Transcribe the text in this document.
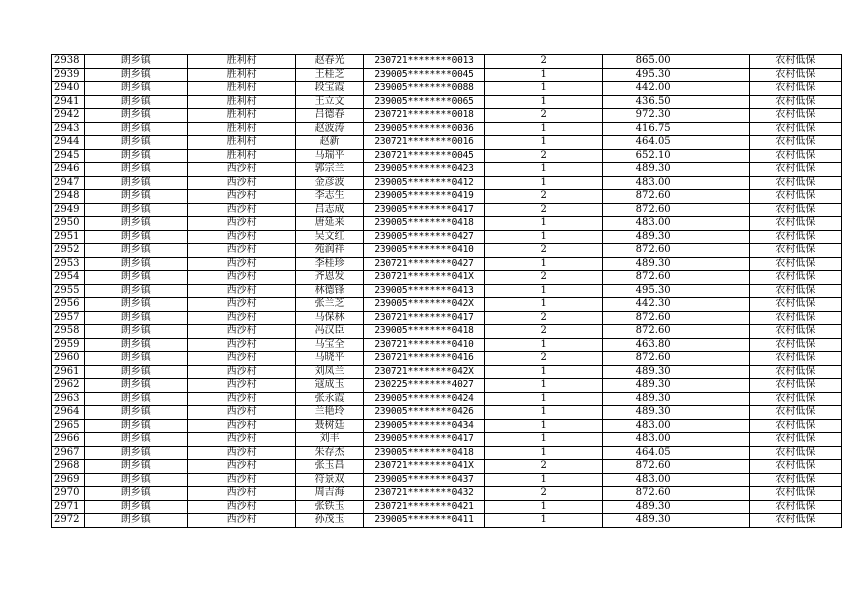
2938	朗乡镇	胜利村	赵春光	230721********0013	2	865.00	农村低保
2939	朗乡镇	胜利村	王桂芝	239005********0045	1	495.30	农村低保
2940	朗乡镇	胜利村	段宝霞	239005********0088	1	442.00	农村低保
2941	朗乡镇	胜利村	王立文	239005********0065	1	436.50	农村低保
2942	朗乡镇	胜利村	吕德春	230721********0018	2	972.30	农村低保
2943	朗乡镇	胜利村	赵波涛	239005********0036	1	416.75	农村低保
2944	朗乡镇	胜利村	赵新	230721********0016	1	464.05	农村低保
2945	朗乡镇	胜利村	马瑞平	230721********0045	2	652.10	农村低保
2946	朗乡镇	西沙村	郭宗兰	239005********0423	1	489.30	农村低保
2947	朗乡镇	西沙村	金彦波	239005********0412	1	483.00	农村低保
2948	朗乡镇	西沙村	李志生	239005********0419	2	872.60	农村低保
2949	朗乡镇	西沙村	吕志成	239005********0417	2	872.60	农村低保
2950	朗乡镇	西沙村	唐延来	239005********0418	1	483.00	农村低保
2951	朗乡镇	西沙村	吴文红	239005********0427	1	489.30	农村低保
2952	朗乡镇	西沙村	苑润祥	239005********0410	2	872.60	农村低保
2953	朗乡镇	西沙村	李桂珍	230721********0427	1	489.30	农村低保
2954	朗乡镇	西沙村	齐恩发	230721********041X	2	872.60	农村低保
2955	朗乡镇	西沙村	林德锋	239005********0413	1	495.30	农村低保
2956	朗乡镇	西沙村	张兰芝	239005********042X	1	442.30	农村低保
2957	朗乡镇	西沙村	马保林	230721********0417	2	872.60	农村低保
2958	朗乡镇	西沙村	冯汉臣	239005********0418	2	872.60	农村低保
2959	朗乡镇	西沙村	马宝全	230721********0410	1	463.80	农村低保
2960	朗乡镇	西沙村	马晓平	230721********0416	2	872.60	农村低保
2961	朗乡镇	西沙村	刘凤兰	230721********042X	1	489.30	农村低保
2962	朗乡镇	西沙村	寇成玉	230225********4027	1	489.30	农村低保
2963	朗乡镇	西沙村	张永霞	239005********0424	1	489.30	农村低保
2964	朗乡镇	西沙村	兰艳玲	239005********0426	1	489.30	农村低保
2965	朗乡镇	西沙村	聂树廷	239005********0434	1	483.00	农村低保
2966	朗乡镇	西沙村	刘丰	239005********0417	1	483.00	农村低保
2967	朗乡镇	西沙村	朱存杰	239005********0418	1	464.05	农村低保
2968	朗乡镇	西沙村	张玉昌	230721********041X	2	872.60	农村低保
2969	朗乡镇	西沙村	符景双	239005********0437	1	483.00	农村低保
2970	朗乡镇	西沙村	周吉海	230721********0432	2	872.60	农村低保
2971	朗乡镇	西沙村	张铁玉	230721********0421	1	489.30	农村低保
2972	朗乡镇	西沙村	孙茂玉	239005********0411	1	489.30	农村低保
